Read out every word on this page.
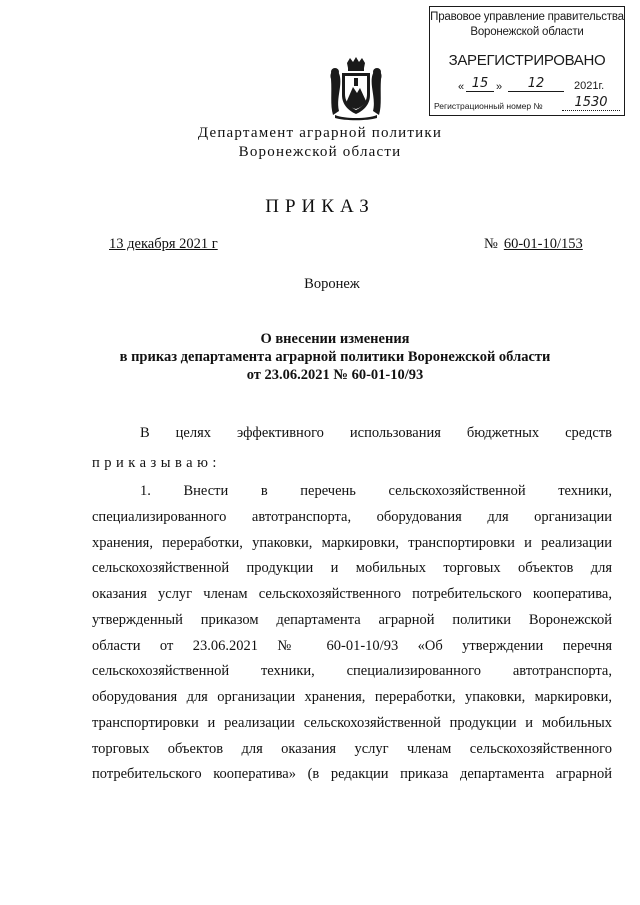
Правовое управление правительства
Воронежской области
ЗАРЕГИСТРИРОВАНО
« 15 »	12	2021г.
Регистрационный номер №	1530
Департамент аграрной политики
Воронежской области
ПРИКАЗ
13 декабря 2021 г	№ 60-01-10/153
Воронеж
О внесении изменения
в приказ департамента аграрной политики Воронежской области
от 23.06.2021 № 60-01-10/93
В целях эффективного использования бюджетных средств
приказываю:
1. Внести в перечень сельскохозяйственной техники,
специализированного автотранспорта, оборудования для организации
хранения, переработки, упаковки, маркировки, транспортировки и реализации
сельскохозяйственной продукции и мобильных торговых объектов для
оказания услуг членам сельскохозяйственного потребительского кооператива,
утвержденный приказом департамента аграрной политики Воронежской
области от 23.06.2021 № 60-01-10/93 «Об утверждении перечня
сельскохозяйственной техники, специализированного автотранспорта,
оборудования для организации хранения, переработки, упаковки, маркировки,
транспортировки и реализации сельскохозяйственной продукции и мобильных
торговых объектов для оказания услуг членам сельскохозяйственного
потребительского кооператива» (в редакции приказа департамента аграрной
